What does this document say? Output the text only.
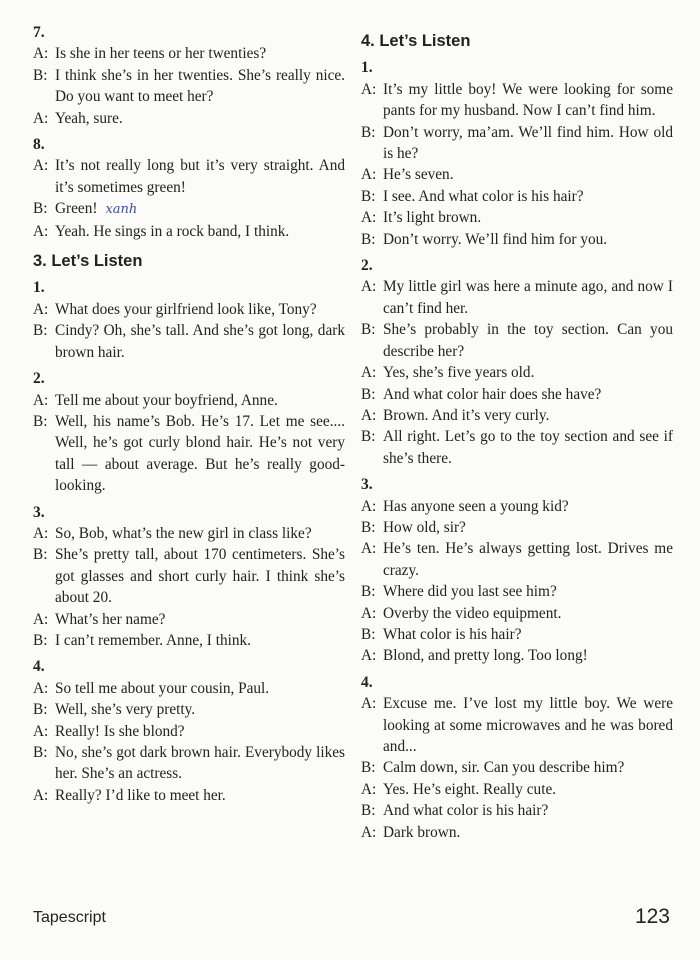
7.
A: Is she in her teens or her twenties?
B: I think she’s in her twenties. She’s really nice. Do you want to meet her?
A: Yeah, sure.
8.
A: It’s not really long but it’s very straight. And it’s sometimes green!
B: Green! xanh
A: Yeah. He sings in a rock band, I think.
3. Let’s Listen
1.
A: What does your girlfriend look like, Tony?
B: Cindy? Oh, she’s tall. And she’s got long, dark brown hair.
2.
A: Tell me about your boyfriend, Anne.
B: Well, his name’s Bob. He’s 17. Let me see.... Well, he’s got curly blond hair. He’s not very tall — about average. But he’s really good-looking.
3.
A: So, Bob, what’s the new girl in class like?
B: She’s pretty tall, about 170 centimeters. She’s got glasses and short curly hair. I think she’s about 20.
A: What’s her name?
B: I can’t remember. Anne, I think.
4.
A: So tell me about your cousin, Paul.
B: Well, she’s very pretty.
A: Really! Is she blond?
B: No, she’s got dark brown hair. Everybody likes her. She’s an actress.
A: Really? I’d like to meet her.
4. Let’s Listen
1.
A: It’s my little boy! We were looking for some pants for my husband. Now I can’t find him.
B: Don’t worry, ma’am. We’ll find him. How old is he?
A: He’s seven.
B: I see. And what color is his hair?
A: It’s light brown.
B: Don’t worry. We’ll find him for you.
2.
A: My little girl was here a minute ago, and now I can’t find her.
B: She’s probably in the toy section. Can you describe her?
A: Yes, she’s five years old.
B: And what color hair does she have?
A: Brown. And it’s very curly.
B: All right. Let’s go to the toy section and see if she’s there.
3.
A: Has anyone seen a young kid?
B: How old, sir?
A: He’s ten. He’s always getting lost. Drives me crazy.
B: Where did you last see him?
A: Overby the video equipment.
B: What color is his hair?
A: Blond, and pretty long. Too long!
4.
A: Excuse me. I’ve lost my little boy. We were looking at some microwaves and he was bored and...
B: Calm down, sir. Can you describe him?
A: Yes. He’s eight. Really cute.
B: And what color is his hair?
A: Dark brown.
Tapescript	123
